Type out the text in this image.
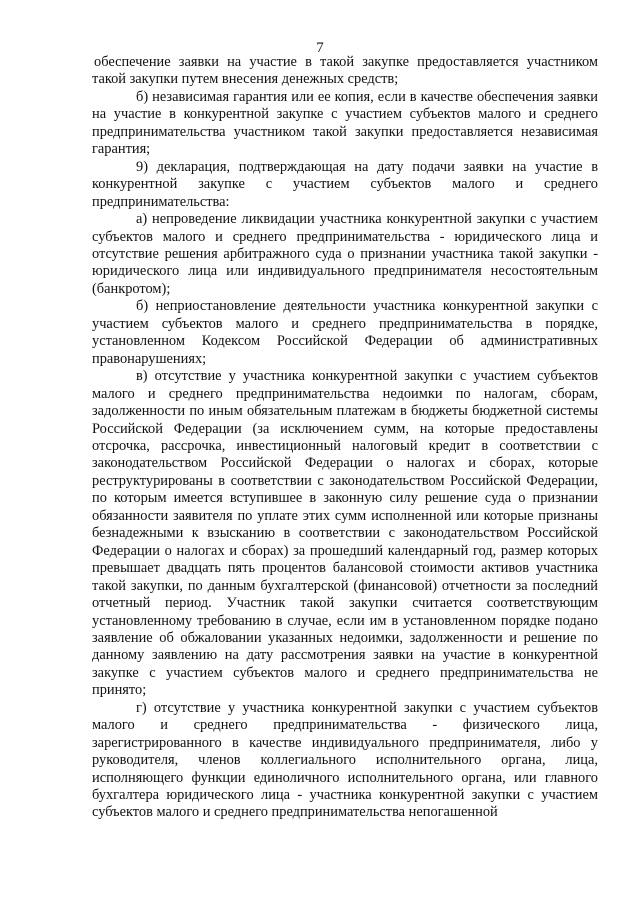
7

обеспечение заявки на участие в такой закупке предоставляется участником такой закупки путем внесения денежных средств;

б) независимая гарантия или ее копия, если в качестве обеспечения заявки на участие в конкурентной закупке с участием субъектов малого и среднего предпринимательства участником такой закупки предоставляется независимая гарантия;

9) декларация, подтверждающая на дату подачи заявки на участие в конкурентной закупке с участием субъектов малого и среднего предпринимательства:

а) непроведение ликвидации участника конкурентной закупки с участием субъектов малого и среднего предпринимательства - юридического лица и отсутствие решения арбитражного суда о признании участника такой закупки - юридического лица или индивидуального предпринимателя несостоятельным (банкротом);

б) неприостановление деятельности участника конкурентной закупки с участием субъектов малого и среднего предпринимательства в порядке, установленном Кодексом Российской Федерации об административных правонарушениях;

в) отсутствие у участника конкурентной закупки с участием субъектов малого и среднего предпринимательства недоимки по налогам, сборам, задолженности по иным обязательным платежам в бюджеты бюджетной системы Российской Федерации (за исключением сумм, на которые предоставлены отсрочка, рассрочка, инвестиционный налоговый кредит в соответствии с законодательством Российской Федерации о налогах и сборах, которые реструктурированы в соответствии с законодательством Российской Федерации, по которым имеется вступившее в законную силу решение суда о признании обязанности заявителя по уплате этих сумм исполненной или которые признаны безнадежными к взысканию в соответствии с законодательством Российской Федерации о налогах и сборах) за прошедший календарный год, размер которых превышает двадцать пять процентов балансовой стоимости активов участника такой закупки, по данным бухгалтерской (финансовой) отчетности за последний отчетный период. Участник такой закупки считается соответствующим установленному требованию в случае, если им в установленном порядке подано заявление об обжаловании указанных недоимки, задолженности и решение по данному заявлению на дату рассмотрения заявки на участие в конкурентной закупке с участием субъектов малого и среднего предпринимательства не принято;

г) отсутствие у участника конкурентной закупки с участием субъектов малого и среднего предпринимательства - физического лица, зарегистрированного в качестве индивидуального предпринимателя, либо у руководителя, членов коллегиального исполнительного органа, лица, исполняющего функции единоличного исполнительного органа, или главного бухгалтера юридического лица - участника конкурентной закупки с участием субъектов малого и среднего предпринимательства непогашенной
